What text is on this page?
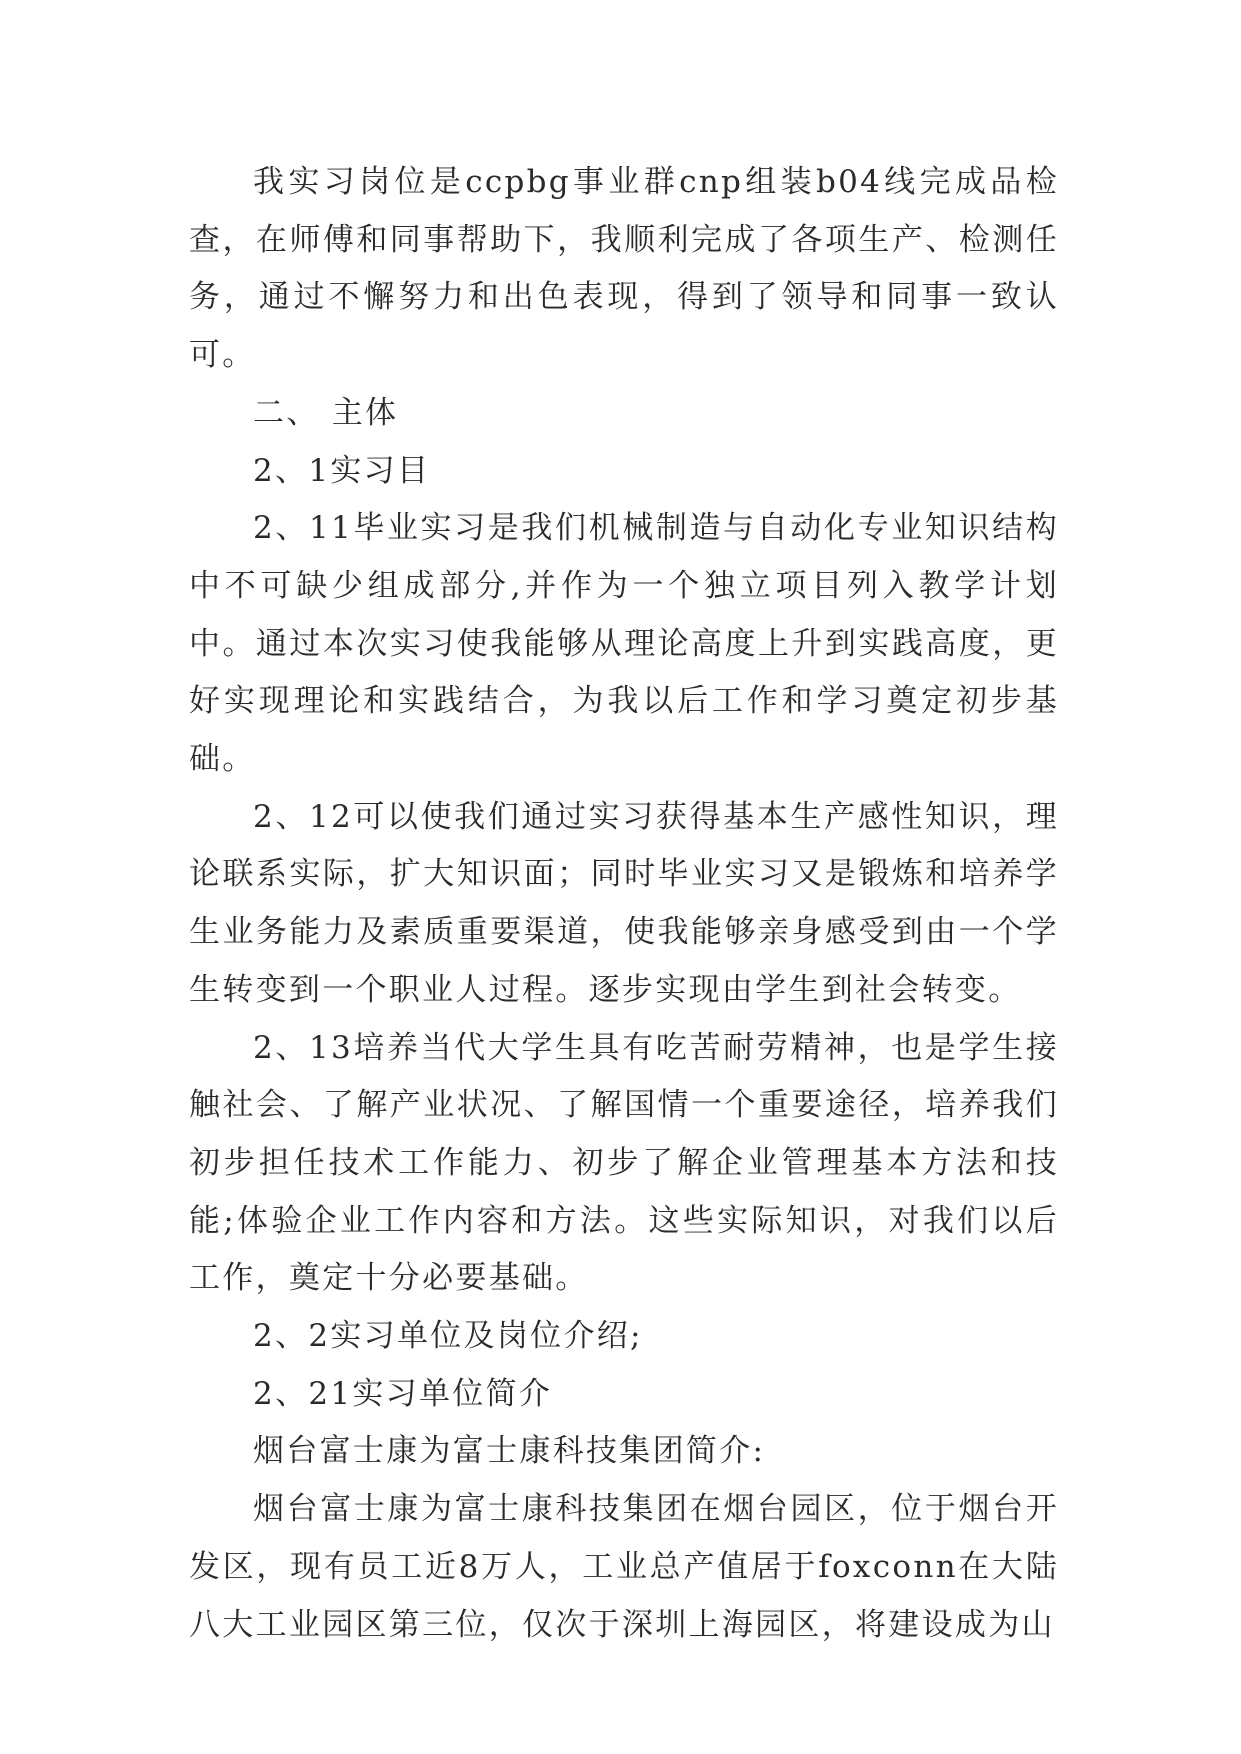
我实习岗位是ccpbg事业群cnp组装b04线完成品检查，在师傅和同事帮助下，我顺利完成了各项生产、检测任务，通过不懈努力和出色表现，得到了领导和同事一致认可。

二、 主体

2、1实习目

2、11毕业实习是我们机械制造与自动化专业知识结构中不可缺少组成部分,并作为一个独立项目列入教学计划中。通过本次实习使我能够从理论高度上升到实践高度，更好实现理论和实践结合，为我以后工作和学习奠定初步基础。

2、12可以使我们通过实习获得基本生产感性知识，理论联系实际，扩大知识面；同时毕业实习又是锻炼和培养学生业务能力及素质重要渠道，使我能够亲身感受到由一个学生转变到一个职业人过程。逐步实现由学生到社会转变。

2、13培养当代大学生具有吃苦耐劳精神，也是学生接触社会、了解产业状况、了解国情一个重要途径，培养我们初步担任技术工作能力、初步了解企业管理基本方法和技能;体验企业工作内容和方法。这些实际知识，对我们以后工作，奠定十分必要基础。

2、2实习单位及岗位介绍;

2、21实习单位简介

烟台富士康为富士康科技集团简介:

烟台富士康为富士康科技集团在烟台园区，位于烟台开发区，现有员工近8万人，工业总产值居于foxconn在大陆八大工业园区第三位，仅次于深圳上海园区，将建设成为山
